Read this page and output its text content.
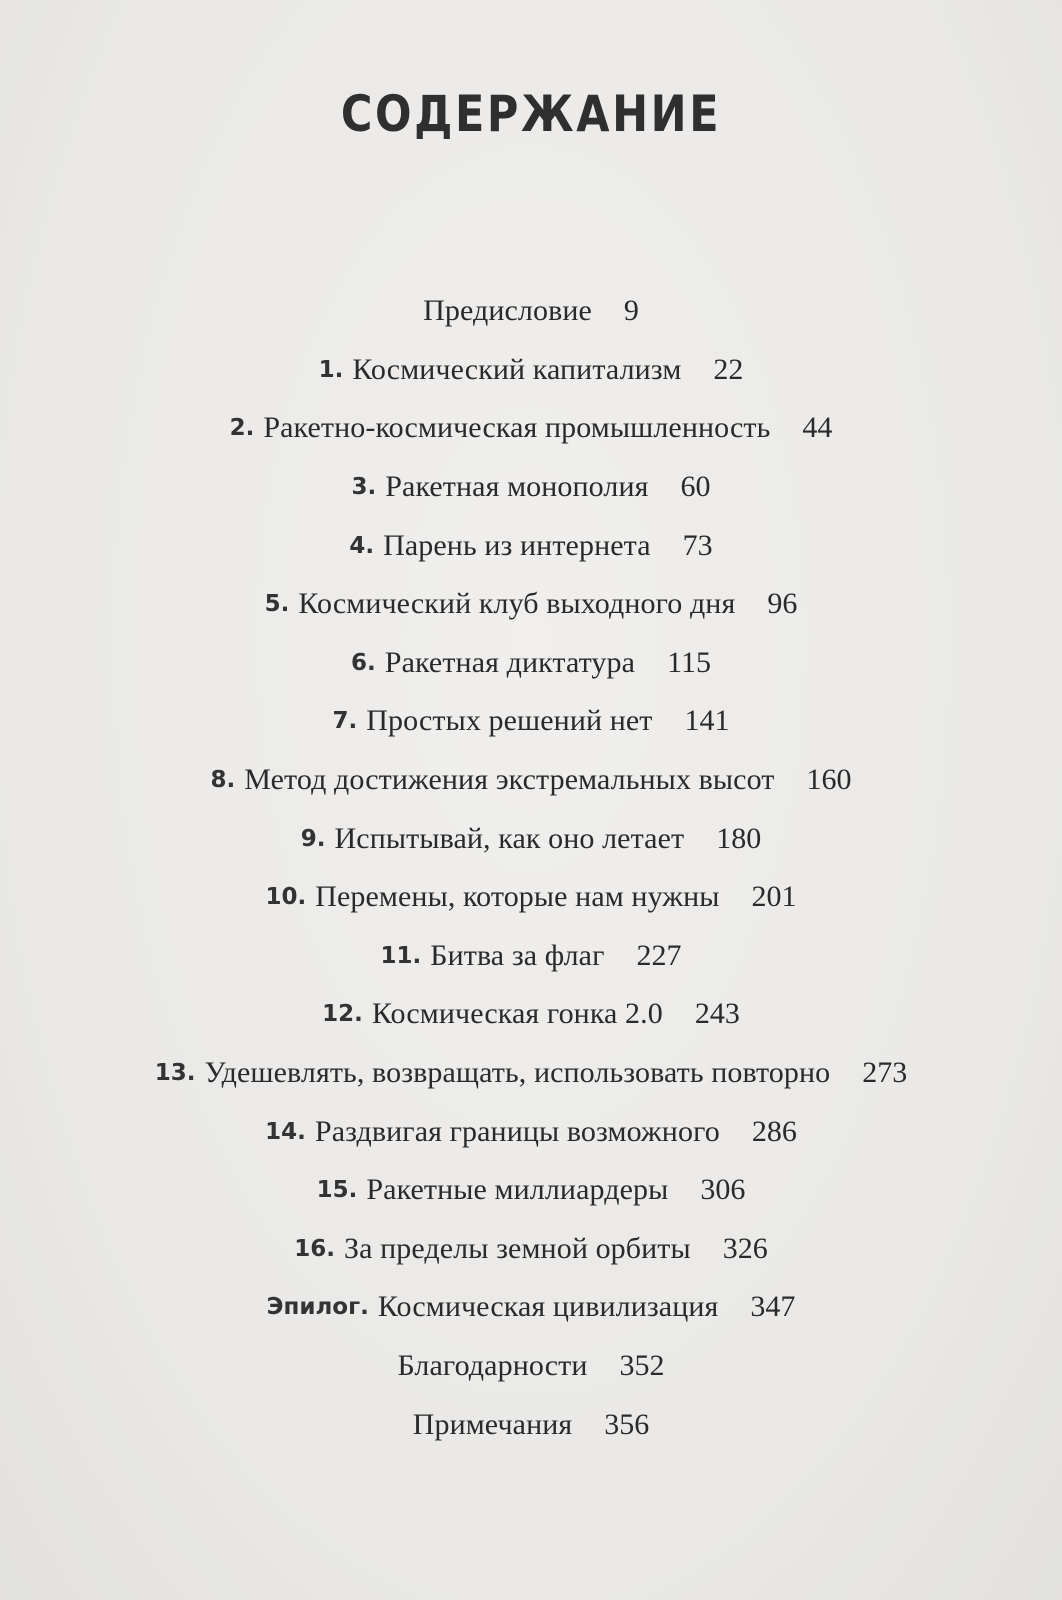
СОДЕРЖАНИЕ
Предисловие 9
1. Космический капитализм 22
2. Ракетно-космическая промышленность 44
3. Ракетная монополия 60
4. Парень из интернета 73
5. Космический клуб выходного дня 96
6. Ракетная диктатура 115
7. Простых решений нет 141
8. Метод достижения экстремальных высот 160
9. Испытывай, как оно летает 180
10. Перемены, которые нам нужны 201
11. Битва за флаг 227
12. Космическая гонка 2.0 243
13. Удешевлять, возвращать, использовать повторно 273
14. Раздвигая границы возможного 286
15. Ракетные миллиардеры 306
16. За пределы земной орбиты 326
Эпилог. Космическая цивилизация 347
Благодарности 352
Примечания 356
